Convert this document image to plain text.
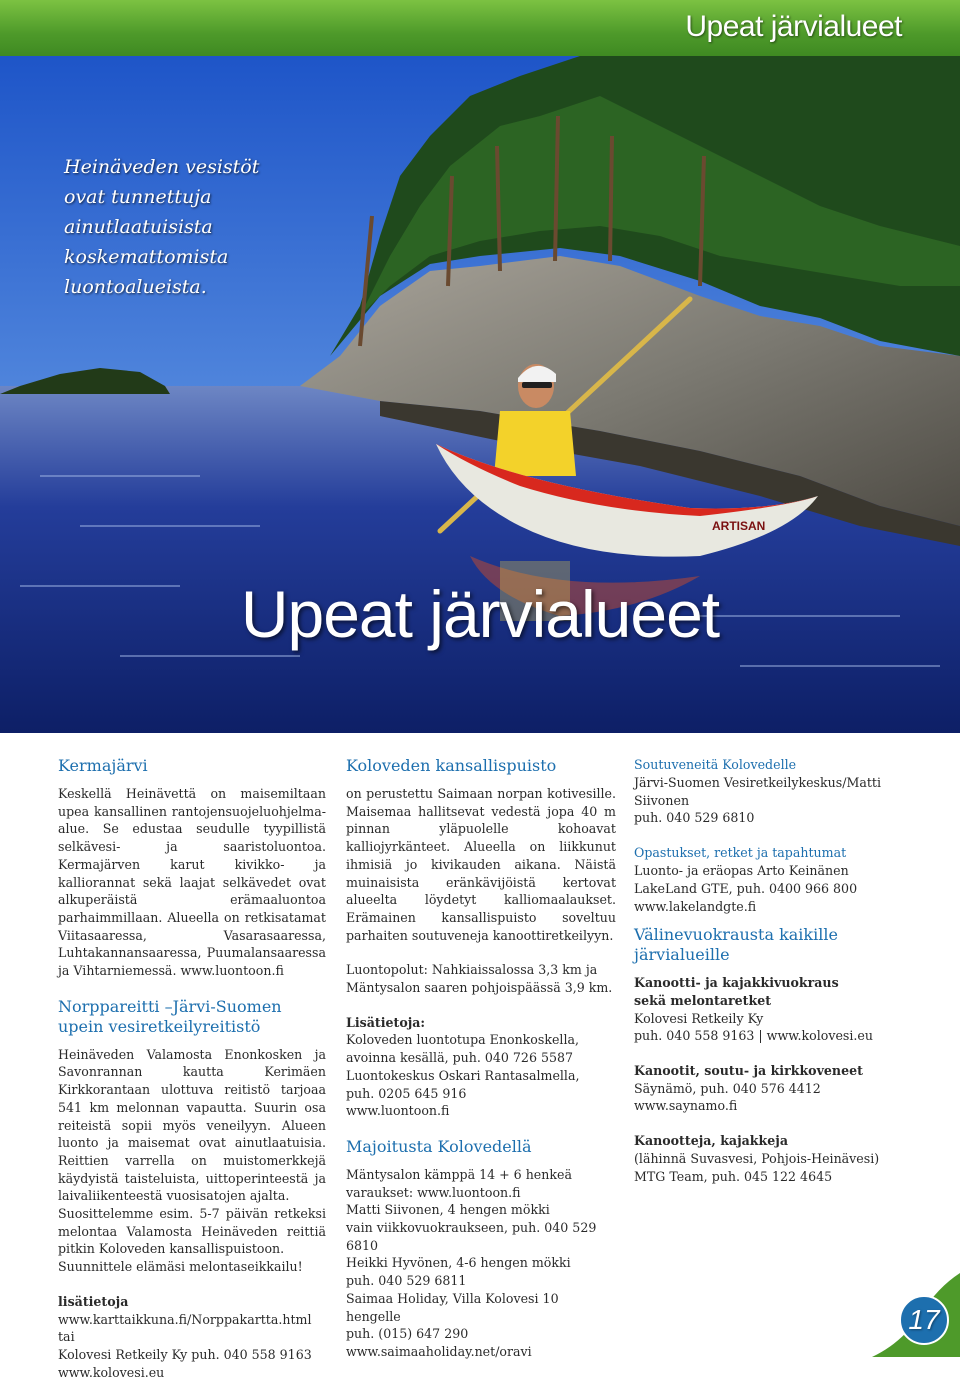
Upeat järvialueet
ARTISAN

Heinäveden vesistöt
ovat tunnettuja
ainutlaatuisista
koskemattomista
luontoalueista.

Upeat järvialueet
Kermajärvi

Keskellä Heinävettä on maisemiltaan upea kansallinen rantojensuojeluohjelma-alue. Se edustaa seudulle tyypillistä selkävesi- ja saaristoluontoa. Kermajärven karut kivikko- ja kalliorannat sekä laajat selkävedet ovat alkuperäistä erämaaluontoa parhaimmillaan. Alueella on retkisatamat Viitasaaressa, Vasarasaaressa, Luhtakannansaaressa, Puumalansaaressa ja Vihtarniemessä. www.luontoon.fi

Norppareitti –Järvi-Suomen upein vesiretkeilyreitistö

Heinäveden Valamosta Enonkosken ja Savonrannan kautta Kerimäen Kirkkorantaan ulottuva reitistö tarjoaa 541 km melonnan vapautta. Suurin osa reiteistä sopii myös veneilyyn. Alueen luonto ja maisemat ovat ainutlaatuisia. Reittien varrella on muistomerkkejä käydyistä taisteluista, uittoperinteestä ja laivaliikenteestä vuosisatojen ajalta.

Suosittelemme esim. 5-7 päivän retkeksi melontaa Valamosta Heinäveden reittiä pitkin Koloveden kansallispuistoon.

Suunnittele elämäsi melontaseikkailu!

lisätietoja

www.karttaikkuna.fi/Norppakartta.html tai

Kolovesi Retkeily Ky puh. 040 558 9163

www.kolovesi.eu

Koloveden kansallispuisto

on perustettu Saimaan norpan kotivesille. Maisemaa hallitsevat vedestä jopa 40 m pinnan yläpuolelle kohoavat kalliojyrkänteet. Alueella on liikkunut ihmisiä jo kivikauden aikana. Näistä muinaisista eränkävijöistä kertovat alueelta löydetyt kalliomaalaukset. Erämainen kansallispuisto soveltuu parhaiten soutuveneja kanoottiretkeilyyn.

Luontopolut: Nahkiaissalossa 3,3 km ja Mäntysalon saaren pohjoispäässä 3,9 km.

Lisätietoja:

Koloveden luontotupa Enonkoskella,

avoinna kesällä, puh. 040 726 5587

Luontokeskus Oskari Rantasalmella,

puh. 0205 645 916

www.luontoon.fi

Majoitusta Kolovedellä

Mäntysalon kämppä 14 + 6 henkeä

varaukset: www.luontoon.fi

Matti Siivonen, 4 hengen mökki

vain viikkovuokraukseen, puh. 040 529 6810

Heikki Hyvönen, 4-6 hengen mökki

puh. 040 529 6811

Saimaa Holiday, Villa Kolovesi 10 hengelle

puh. (015) 647 290

www.saimaaholiday.net/oravi

Soutuveneitä Kolovedelle

Järvi-Suomen Vesiretkeilykeskus/Matti Siivonen

puh. 040 529 6810

Opastukset, retket ja tapahtumat

Luonto- ja eräopas Arto Keinänen

LakeLand GTE, puh. 0400 966 800

www.lakelandgte.fi

Välinevuokrausta kaikille järvialueille

Kanootti- ja kajakkivuokraus

sekä melontaretket

Kolovesi Retkeily Ky

puh. 040 558 9163 | www.kolovesi.eu

Kanootit, soutu- ja kirkkoveneet

Säynämö, puh. 040 576 4412

www.saynamo.fi

Kanootteja, kajakkeja

(lähinnä Suvasvesi, Pohjois-Heinävesi)

MTG Team, puh. 045 122 4645

17
